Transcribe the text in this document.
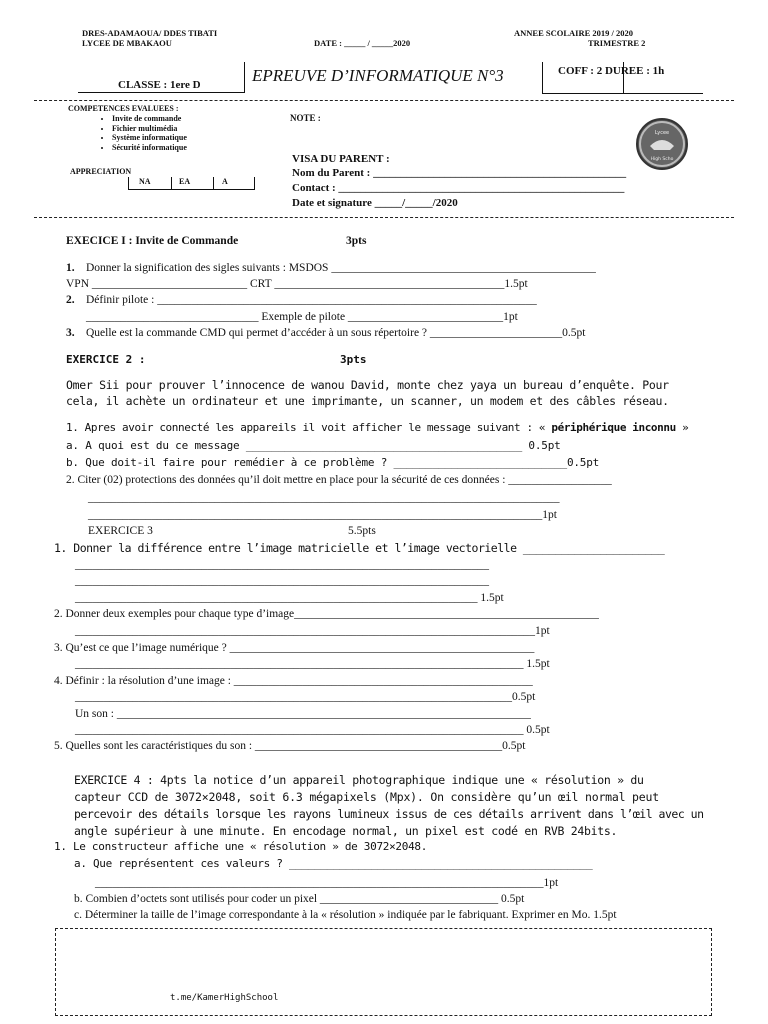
DRES-ADAMAOUA/ DDES TIBATI
LYCEE DE MBAKAOU	DATE : _____ / _____2020
ANNEE SCOLAIRE 2019 / 2020
TRIMESTRE 2
CLASSE : 1ere D	EPREUVE D’INFORMATIQUE N°3	COFF : 2 DUREE : 1h
COMPETENCES EVALUEES :
• Invite de commande
• Fichier multimédia
• Système informatique
• Sécurité informatique
APPRECIATION
NA	EA	A
NOTE :
VISA DU PARENT :
Nom du Parent : ______________________________________________
Contact : ____________________________________________________
Date et signature _____/_____/2020
Lycee
High Scho
EXECICE I : Invite de Commande	3pts
1. Donner la signification des sigles suivants : MSDOS ______________________________________________
VPN ___________________________ CRT ________________________________________1.5pt
2. Définir pilote : __________________________________________________________________
______________________________ Exemple de pilote ___________________________1pt
3. Quelle est la commande CMD qui permet d’accéder à un sous répertoire ? _______________________0.5pt
EXERCICE 2 :	3pts
Omer Sii pour prouver l’innocence de wanou David, monte chez yaya un bureau d’enquête. Pour
cela, il achète un ordinateur et une imprimante, un scanner, un modem et des câbles réseau.
1. Apres avoir connecté les appareils il voit afficher le message suivant : « périphérique inconnu »
a. A quoi est du ce message ___________________________________________ 0.5pt
b. Que doit-il faire pour remédier à ce problème ? ___________________________0.5pt
2. Citer (02) protections des données qu’il doit mettre en place pour la sécurité de ces données : __________________
__________________________________________________________________________________
_______________________________________________________________________________1pt
EXERCICE 3	5.5pts
1. Donner la différence entre l’image matricielle et l’image vectorielle ______________________
________________________________________________________________________
________________________________________________________________________
______________________________________________________________________ 1.5pt
2. Donner deux exemples pour chaque type d’image_____________________________________________________
________________________________________________________________________________1pt
3. Qu’est ce que l’image numérique ? _____________________________________________________
______________________________________________________________________________ 1.5pt
4. Définir : la résolution d’une image : ____________________________________________________
____________________________________________________________________________0.5pt
Un son : ________________________________________________________________________
______________________________________________________________________________ 0.5pt
5. Quelles sont les caractéristiques du son : ___________________________________________0.5pt
EXERCICE 4 : 4pts la notice d’un appareil photographique indique une « résolution » du
capteur CCD de 3072×2048, soit 6.3 mégapixels (Mpx). On considère qu’un œil normal peut
percevoir des détails lorsque les rayons lumineux issus de ces détails arrivent dans l’œil avec un
angle supérieur à une minute. En encodage normal, un pixel est codé en RVB 24bits.
1. Le constructeur affiche une « résolution » de 3072×2048.
a. Que représentent ces valeurs ? ________________________________________________
______________________________________________________________________________1pt
b. Combien d’octets sont utilisés pour coder un pixel _______________________________ 0.5pt
c. Déterminer la taille de l’image correspondante à la « résolution » indiquée par le fabriquant. Exprimer en Mo. 1.5pt
t.me/KamerHighSchool
